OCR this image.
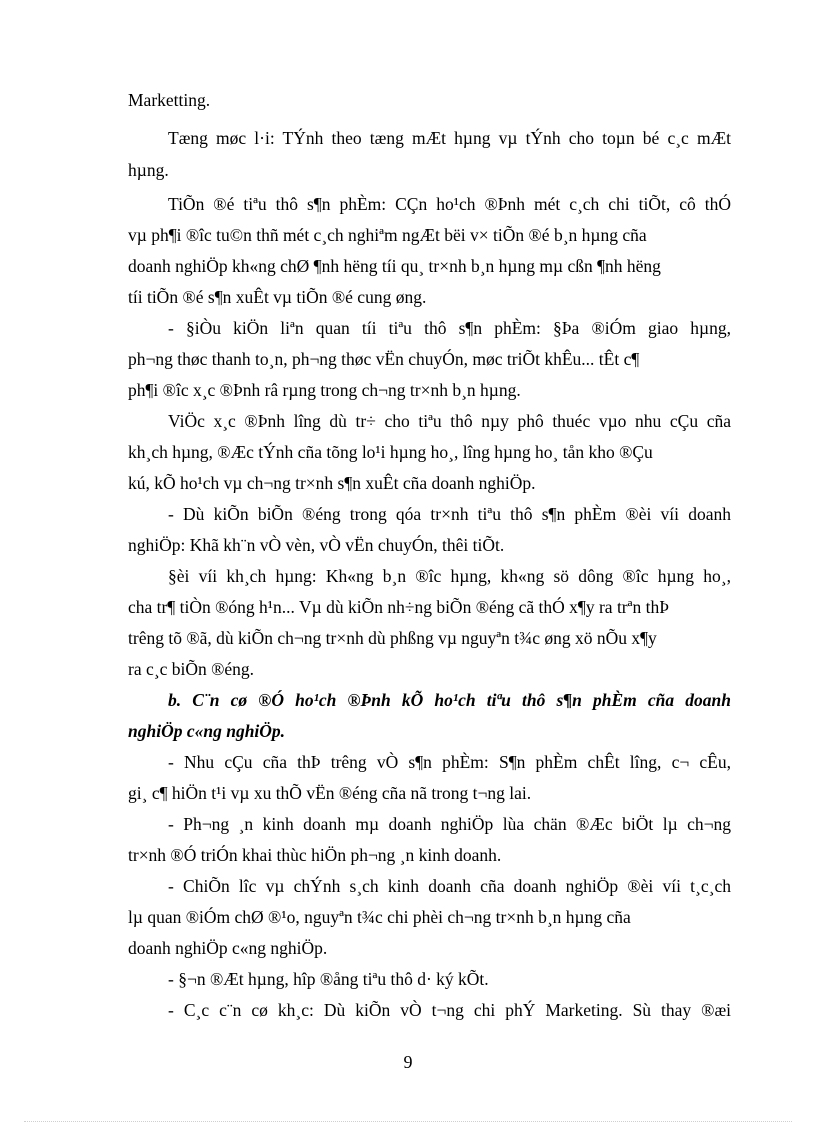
Marketting.
Tæng møc l·i: TÝnh theo tæng mÆt hµng vµ tÝnh cho toµn bé c¸c mÆt
hµng.
TiÕn ®é tiªu thô s¶n phÈm: CÇn ho¹ch ®Þnh mét c¸ch chi tiÕt, cô thÓ
vµ ph¶i ®îc tu©n thñ mét c¸ch nghiªm ngÆt bëi v× tiÕn ®é b¸n hµng cña
doanh nghiÖp kh«ng chØ ¶nh hëng tíi qu¸ tr×nh b¸n hµng mµ cßn ¶nh hëng
tíi tiÕn ®é s¶n xuÊt vµ tiÕn ®é cung øng.
- §iÒu kiÖn liªn quan tíi tiªu thô s¶n phÈm: §Þa ®iÓm giao hµng,
ph¬ng thøc thanh to¸n, ph¬ng thøc vËn chuyÓn, møc triÕt khÊu... tÊt c¶
ph¶i ®îc x¸c ®Þnh râ rµng trong ch¬ng tr×nh b¸n hµng.
ViÖc x¸c ®Þnh lîng dù tr÷ cho tiªu thô nµy phô thuéc vµo nhu cÇu cña
kh¸ch hµng, ®Æc tÝnh cña tõng lo¹i hµng ho¸, lîng hµng ho¸ tån kho ®Çu
kú, kÕ ho¹ch vµ ch¬ng tr×nh s¶n xuÊt cña doanh nghiÖp.
- Dù kiÕn biÕn ®éng trong qóa tr×nh tiªu thô s¶n phÈm ®èi víi doanh
nghiÖp: Khã kh¨n vÒ vèn, vÒ vËn chuyÓn, thêi tiÕt.
§èi víi kh¸ch hµng: Kh«ng b¸n ®îc hµng, kh«ng sö dông ®îc hµng ho¸,
cha tr¶ tiÒn ®óng h¹n... Vµ dù kiÕn nh÷ng biÕn ®éng cã thÓ x¶y ra trªn thÞ
trêng tõ ®ã, dù kiÕn ch¬ng tr×nh dù phßng vµ nguyªn t¾c øng xö nÕu x¶y
ra c¸c biÕn ®éng.
b. C¨n cø ®Ó ho¹ch ®Þnh kÕ ho¹ch tiªu thô s¶n phÈm cña doanh
nghiÖp c«ng nghiÖp.
- Nhu cÇu cña thÞ trêng vÒ s¶n phÈm: S¶n phÈm chÊt lîng, c¬ cÊu,
gi¸ c¶ hiÖn t¹i vµ xu thÕ vËn ®éng cña nã trong t¬ng lai.
- Ph¬ng ¸n kinh doanh mµ doanh nghiÖp lùa chän ®Æc biÖt lµ ch¬ng
tr×nh ®Ó triÓn khai thùc hiÖn ph¬ng ¸n kinh doanh.
- ChiÕn lîc vµ chÝnh s¸ch kinh doanh cña doanh nghiÖp ®èi víi t¸c¸ch
lµ quan ®iÓm chØ ®¹o, nguyªn t¾c chi phèi ch¬ng tr×nh b¸n hµng cña
doanh nghiÖp c«ng nghiÖp.
- §¬n ®Æt hµng, hîp ®ång tiªu thô d· ký kÕt.
- C¸c c¨n cø kh¸c: Dù kiÕn vÒ t¬ng chi phÝ Marketing. Sù thay ®æi
9
